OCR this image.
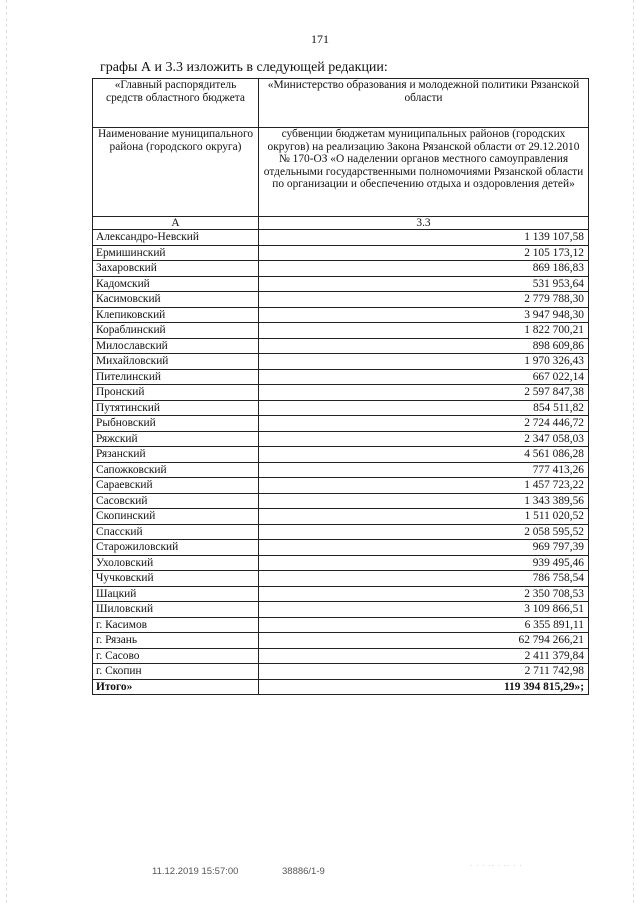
171
графы А и 3.3 изложить в следующей редакции:
«Главный распорядитель средств областного бюджета	«Министерство образования и молодежной политики Рязанской области
Наименование муниципального района (городского округа)	субвенции бюджетам муниципальных районов (городских округов) на реализацию Закона Рязанской области от 29.12.2010 № 170-ОЗ «О наделении органов местного самоуправления отдельными государственными полномочиями Рязанской области по организации и обеспечению отдыха и оздоровления детей»
А	3.3
Александро-Невский	1 139 107,58
Ермишинский	2 105 173,12
Захаровский	869 186,83
Кадомский	531 953,64
Касимовский	2 779 788,30
Клепиковский	3 947 948,30
Кораблинский	1 822 700,21
Милославский	898 609,86
Михайловский	1 970 326,43
Пителинский	667 022,14
Пронский	2 597 847,38
Путятинский	854 511,82
Рыбновский	2 724 446,72
Ряжский	2 347 058,03
Рязанский	4 561 086,28
Сапожковский	777 413,26
Сараевский	1 457 723,22
Сасовский	1 343 389,56
Скопинский	1 511 020,52
Спасский	2 058 595,52
Старожиловский	969 797,39
Ухоловский	939 495,46
Чучковский	786 758,54
Шацкий	2 350 708,53
Шиловский	3 109 866,51
г. Касимов	6 355 891,11
г. Рязань	62 794 266,21
г. Сасово	2 411 379,84
г. Скопин	2 711 742,98
Итого»	119 394 815,29»;
11.12.2019 15:57:00	38886/1-9	· · · ·· · ·· · ·
